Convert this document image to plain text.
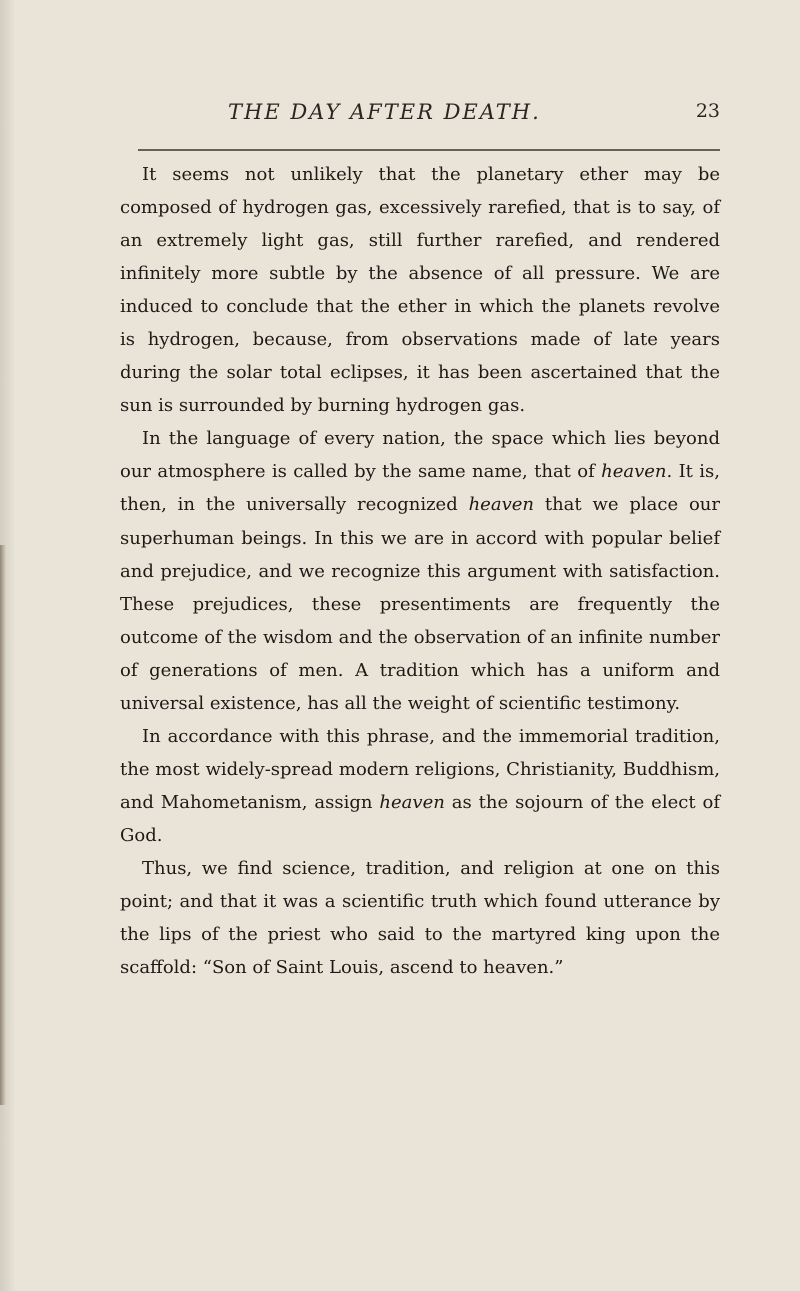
THE DAY AFTER DEATH.	23

It seems not unlikely that the planetary ether may be composed of hydrogen gas, excessively rarefied, that is to say, of an extremely light gas, still further rarefied, and rendered infinitely more subtle by the absence of all pressure. We are induced to conclude that the ether in which the planets revolve is hydrogen, because, from observations made of late years during the solar total eclipses, it has been ascertained that the sun is surrounded by burning hydrogen gas.

In the language of every nation, the space which lies beyond our atmosphere is called by the same name, that of heaven. It is, then, in the universally recognized heaven that we place our superhuman beings. In this we are in accord with popular belief and prejudice, and we recognize this argument with satisfaction. These prejudices, these presentiments are frequently the outcome of the wisdom and the observation of an infinite number of generations of men. A tradition which has a uniform and universal existence, has all the weight of scientific testimony.

In accordance with this phrase, and the immemorial tradition, the most widely-spread modern religions, Christianity, Buddhism, and Mahometanism, assign heaven as the sojourn of the elect of God.

Thus, we find science, tradition, and religion at one on this point; and that it was a scientific truth which found utterance by the lips of the priest who said to the martyred king upon the scaffold: “Son of Saint Louis, ascend to heaven.”
